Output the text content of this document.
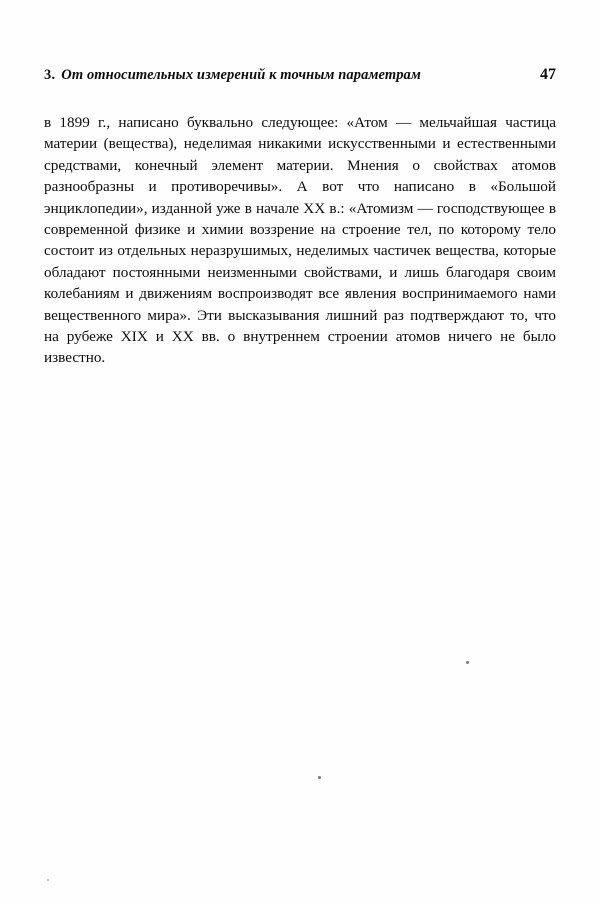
3. От относительных измерений к точным параметрам	47

в 1899 г., написано буквально следующее: «Атом — мельчайшая частица материи (вещества), неделимая никакими искусственными и естественными средствами, конечный элемент материи. Мнения о свойствах атомов разнообразны и противоречивы». А вот что написано в «Большой энциклопедии», изданной уже в начале XX в.: «Атомизм — господствующее в современной физике и химии воззрение на строение тел, по которому тело состоит из отдельных неразрушимых, неделимых частичек вещества, которые обладают постоянными неизменными свойствами, и лишь благодаря своим колебаниям и движениям воспроизводят все явления воспринимаемого нами вещественного мира». Эти высказывания лишний раз подтверждают то, что на рубеже XIX и XX вв. о внутреннем строении атомов ничего не было известно.
